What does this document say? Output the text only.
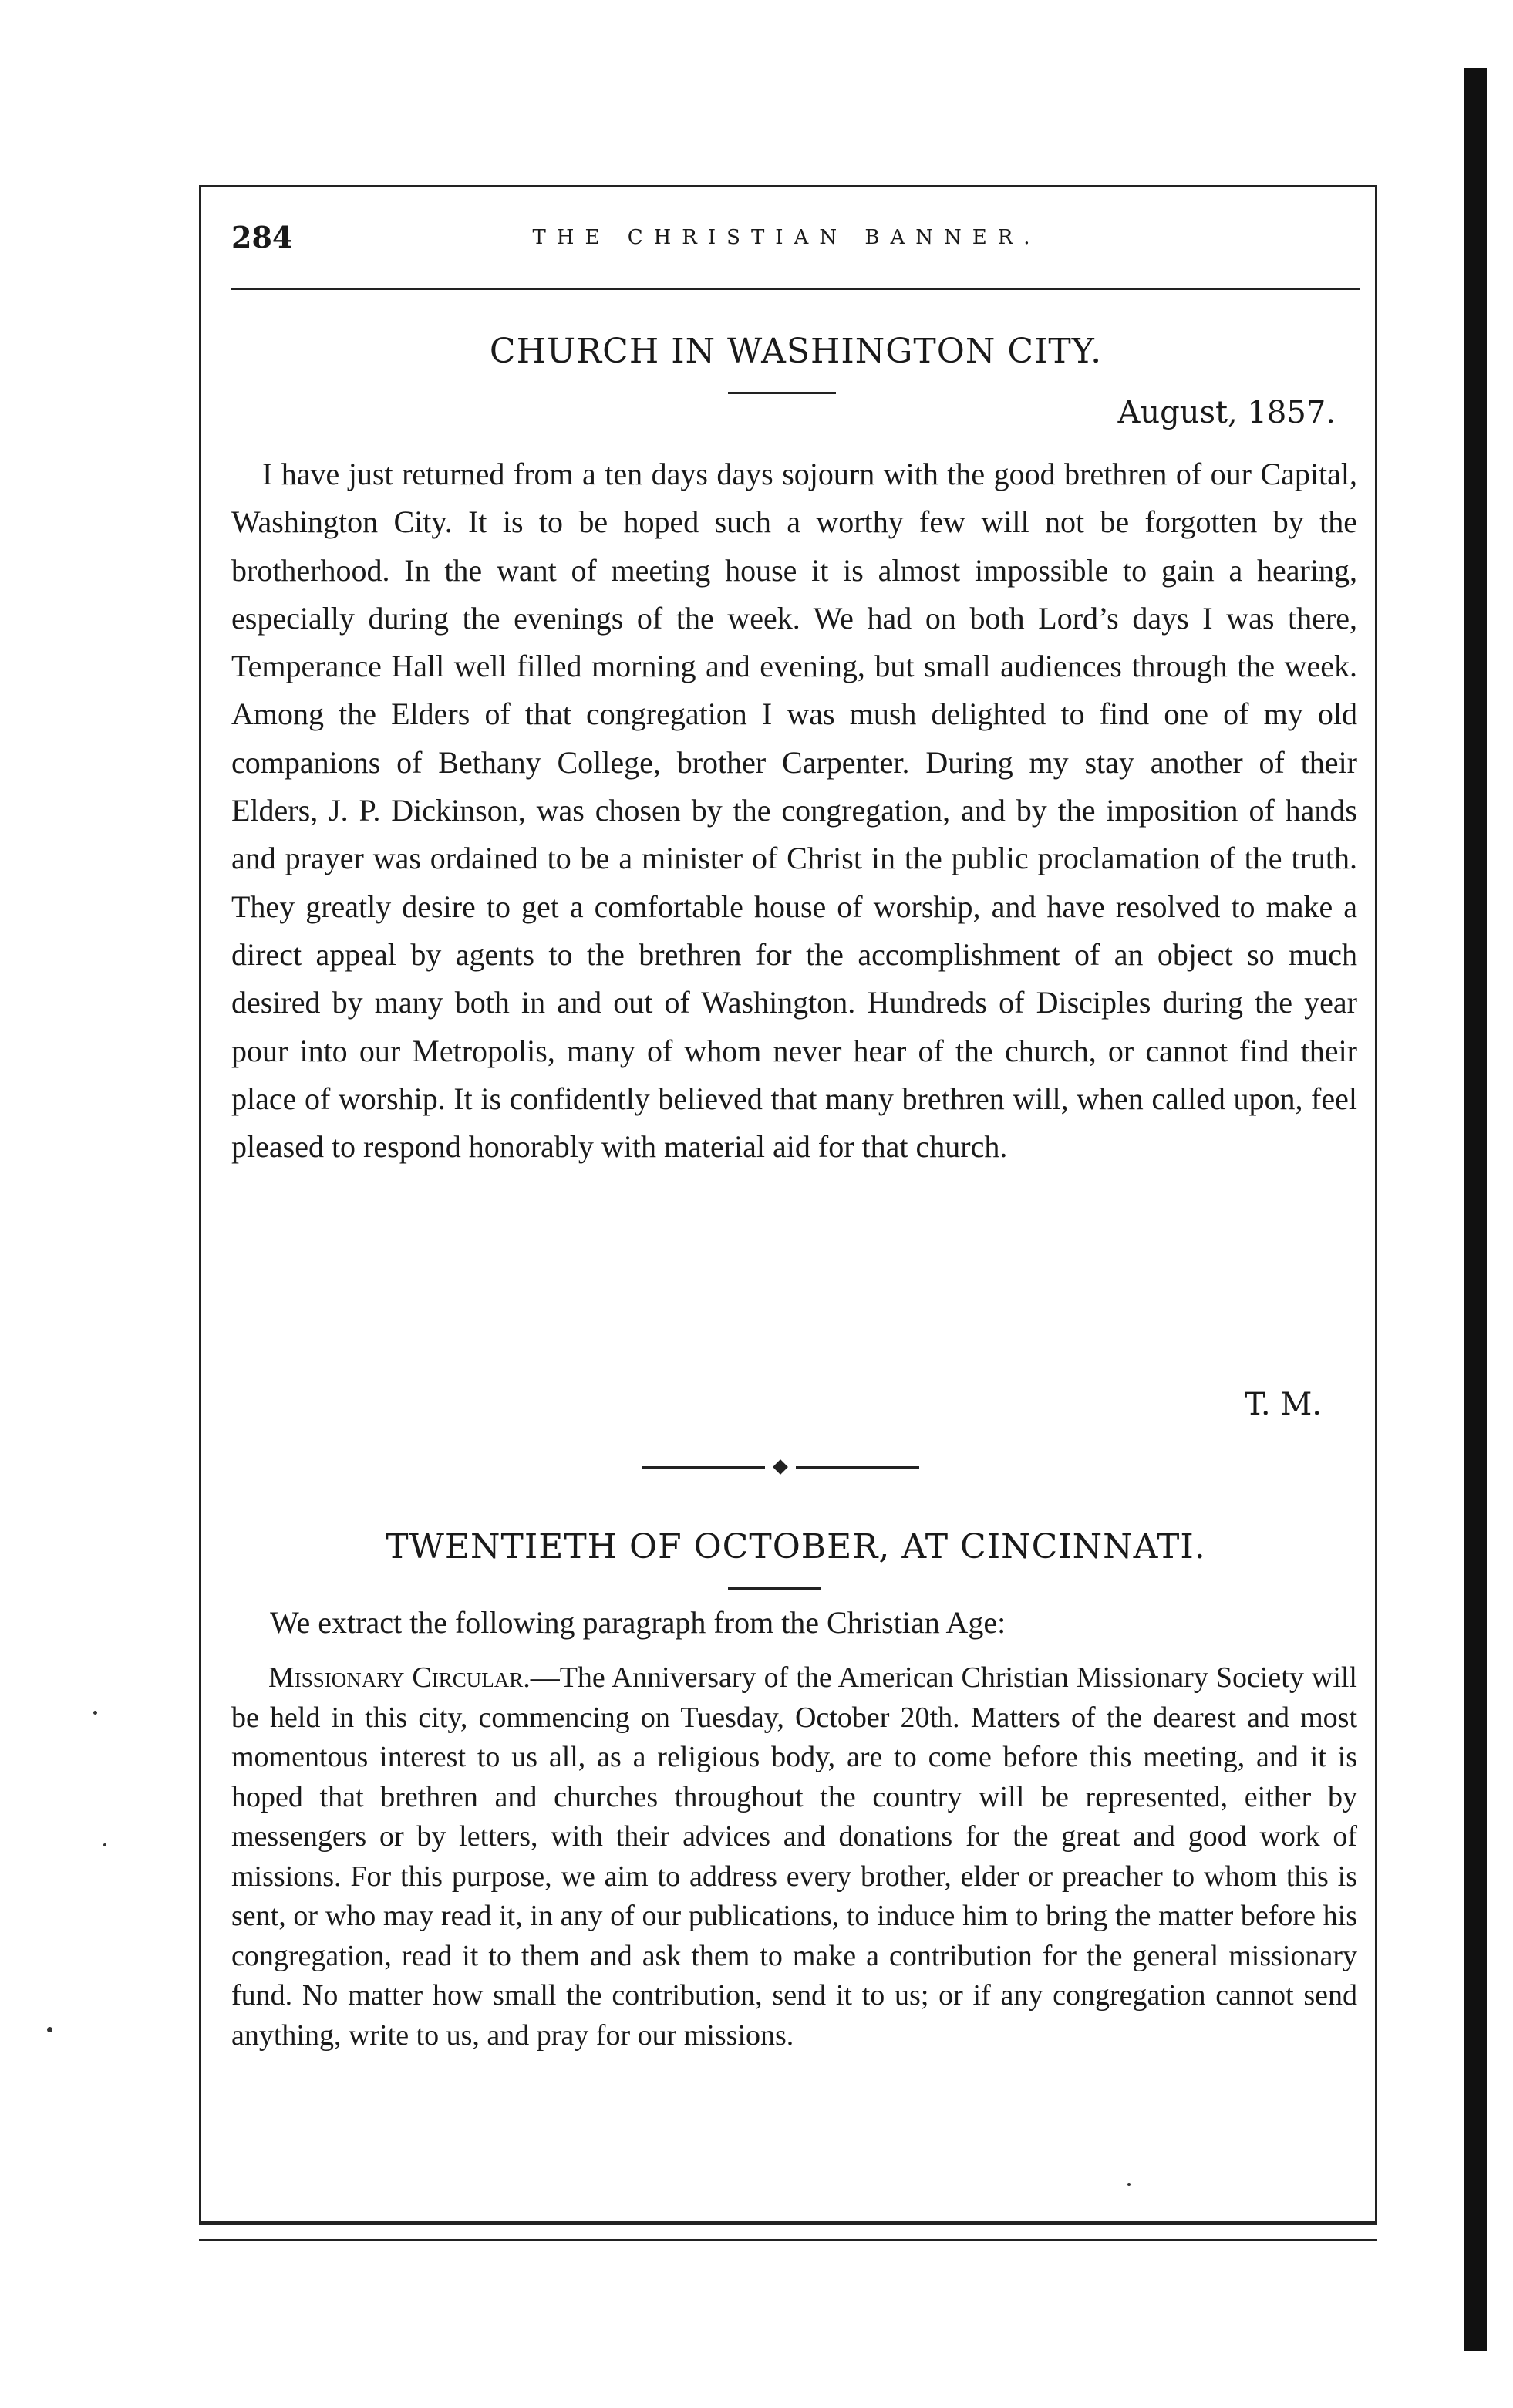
284	THE CHRISTIAN BANNER.
CHURCH IN WASHINGTON CITY.
August, 1857.

I have just returned from a ten days days sojourn with the good brethren of our Capital, Washington City. It is to be hoped such a worthy few will not be forgotten by the brotherhood. In the want of meeting house it is almost impossible to gain a hearing, especially during the evenings of the week. We had on both Lord’s days I was there, Temperance Hall well filled morning and evening, but small audiences through the week. Among the Elders of that congregation I was mush delighted to find one of my old companions of Bethany College, brother Carpenter. During my stay another of their Elders, J. P. Dickinson, was chosen by the congregation, and by the imposition of hands and prayer was ordained to be a minister of Christ in the public proclamation of the truth. They greatly desire to get a comfortable house of worship, and have resolved to make a direct appeal by agents to the brethren for the accomplishment of an object so much desired by many both in and out of Washington. Hundreds of Disciples during the year pour into our Metropolis, many of whom never hear of the church, or cannot find their place of worship. It is confidently believed that many brethren will, when called upon, feel pleased to respond honorably with material aid for that church.

T. M.
TWENTIETH OF OCTOBER, AT CINCINNATI.
We extract the following paragraph from the Christian Age:

Missionary Circular.—The Anniversary of the American Christian Missionary Society will be held in this city, commencing on Tuesday, October 20th. Matters of the dearest and most momentous interest to us all, as a religious body, are to come before this meeting, and it is hoped that brethren and churches throughout the country will be represented, either by messengers or by letters, with their advices and donations for the great and good work of missions. For this purpose, we aim to address every brother, elder or preacher to whom this is sent, or who may read it, in any of our publications, to induce him to bring the matter before his congregation, read it to them and ask them to make a contribution for the general missionary fund. No matter how small the contribution, send it to us; or if any congregation cannot send anything, write to us, and pray for our missions.
